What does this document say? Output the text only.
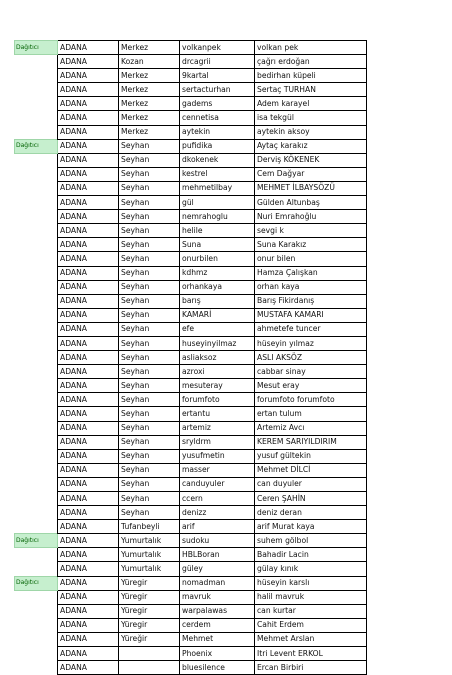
Dağıtıcı	ADANA	Merkez	volkanpek	volkan pek
	ADANA	Kozan	drcagrii	çağrı erdoğan
	ADANA	Merkez	9kartal	bedirhan küpeli
	ADANA	Merkez	sertacturhan	Sertaç TURHAN
	ADANA	Merkez	gadems	Adem karayel
	ADANA	Merkez	cennetisa	isa tekgül
	ADANA	Merkez	aytekin	aytekin aksoy
Dağıtıcı	ADANA	Seyhan	pufidika	Aytaç karakız
	ADANA	Seyhan	dkokenek	Derviş KÖKENEK
	ADANA	Seyhan	kestrel	Cem Dağyar
	ADANA	Seyhan	mehmetilbay	MEHMET İLBAYSÖZÜ
	ADANA	Seyhan	gül	Gülden Altunbaş
	ADANA	Seyhan	nemrahoglu	Nuri Emrahoğlu
	ADANA	Seyhan	helile	sevgi k
	ADANA	Seyhan	Suna	Suna Karakız
	ADANA	Seyhan	onurbilen	onur bilen
	ADANA	Seyhan	kdhmz	Hamza Çalışkan
	ADANA	Seyhan	orhankaya	orhan kaya
	ADANA	Seyhan	barış	Barış Fikirdanış
	ADANA	Seyhan	KAMARİ	MUSTAFA KAMARI
	ADANA	Seyhan	efe	ahmetefe tuncer
	ADANA	Seyhan	huseyinyilmaz	hüseyin yılmaz
	ADANA	Seyhan	asliaksoz	ASLI AKSÖZ
	ADANA	Seyhan	azroxi	cabbar sinay
	ADANA	Seyhan	mesuteray	Mesut eray
	ADANA	Seyhan	forumfoto	forumfoto forumfoto
	ADANA	Seyhan	ertantu	ertan tulum
	ADANA	Seyhan	artemiz	Artemiz Avcı
	ADANA	Seyhan	sryldrm	KEREM SARIYILDIRIM
	ADANA	Seyhan	yusufmetin	yusuf gültekin
	ADANA	Seyhan	masser	Mehmet DİLCİ
	ADANA	Seyhan	canduyuler	can duyuler
	ADANA	Seyhan	ccern	Ceren ŞAHİN
	ADANA	Seyhan	denizz	deniz deran
	ADANA	Tufanbeyli	arif	arif Murat kaya
Dağıtıcı	ADANA	Yumurtalık	sudoku	suhem gölbol
	ADANA	Yumurtalık	HBLBoran	Bahadir Lacin
	ADANA	Yumurtalık	güley	gülay kınık
Dağıtıcı	ADANA	Yüregir	nomadman	hüseyin karslı
	ADANA	Yüregir	mavruk	halil mavruk
	ADANA	Yüregir	warpalawas	can kurtar
	ADANA	Yüregir	cerdem	Cahit Erdem
	ADANA	Yüreğir	Mehmet	Mehmet Arslan
	ADANA		Phoenix	Itri Levent ERKOL
	ADANA		bluesilence	Ercan Birbiri
